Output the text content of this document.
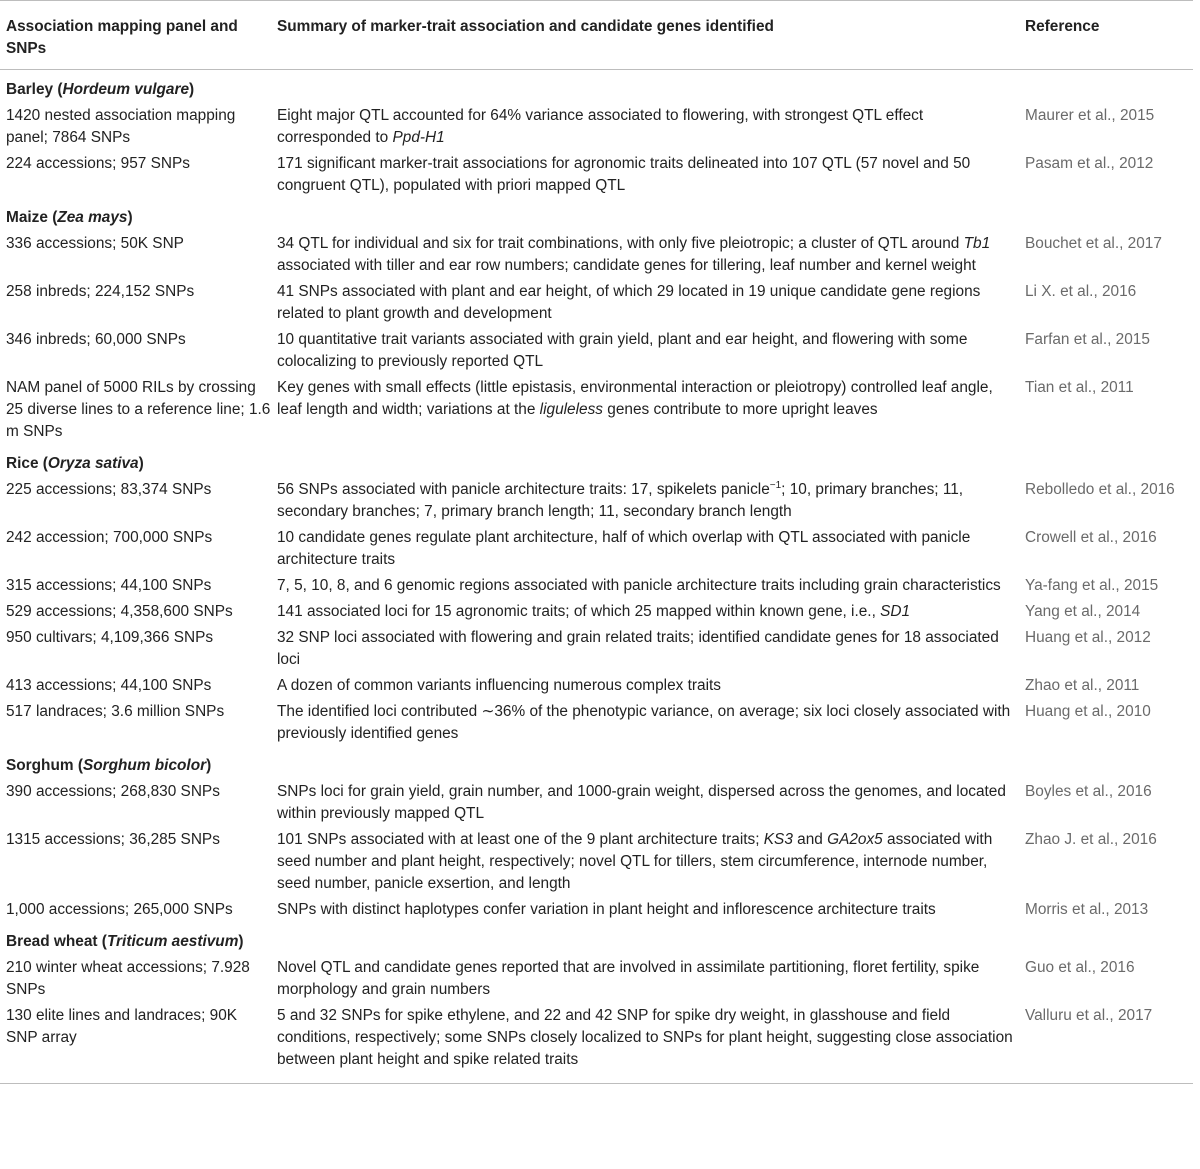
Association mapping panel and SNPs	Summary of marker-trait association and candidate genes identified	Reference
Barley (Hordeum vulgare)		
1420 nested association mapping panel; 7864 SNPs	Eight major QTL accounted for 64% variance associated to flowering, with strongest QTL effect corresponded to Ppd-H1	Maurer et al., 2015
224 accessions; 957 SNPs	171 significant marker-trait associations for agronomic traits delineated into 107 QTL (57 novel and 50 congruent QTL), populated with priori mapped QTL	Pasam et al., 2012
Maize (Zea mays)		
336 accessions; 50K SNP	34 QTL for individual and six for trait combinations, with only five pleiotropic; a cluster of QTL around Tb1 associated with tiller and ear row numbers; candidate genes for tillering, leaf number and kernel weight	Bouchet et al., 2017
258 inbreds; 224,152 SNPs	41 SNPs associated with plant and ear height, of which 29 located in 19 unique candidate gene regions related to plant growth and development	Li X. et al., 2016
346 inbreds; 60,000 SNPs	10 quantitative trait variants associated with grain yield, plant and ear height, and flowering with some colocalizing to previously reported QTL	Farfan et al., 2015
NAM panel of 5000 RILs by crossing 25 diverse lines to a reference line; 1.6 m SNPs	Key genes with small effects (little epistasis, environmental interaction or pleiotropy) controlled leaf angle, leaf length and width; variations at the liguleless genes contribute to more upright leaves	Tian et al., 2011
Rice (Oryza sativa)		
225 accessions; 83,374 SNPs	56 SNPs associated with panicle architecture traits: 17, spikelets panicle$^{-1}$; 10, primary branches; 11, secondary branches; 7, primary branch length; 11, secondary branch length	Rebolledo et al., 2016
242 accession; 700,000 SNPs	10 candidate genes regulate plant architecture, half of which overlap with QTL associated with panicle architecture traits	Crowell et al., 2016
315 accessions; 44,100 SNPs	7, 5, 10, 8, and 6 genomic regions associated with panicle architecture traits including grain characteristics	Ya-fang et al., 2015
529 accessions; 4,358,600 SNPs	141 associated loci for 15 agronomic traits; of which 25 mapped within known gene, i.e., SD1	Yang et al., 2014
950 cultivars; 4,109,366 SNPs	32 SNP loci associated with flowering and grain related traits; identified candidate genes for 18 associated loci	Huang et al., 2012
413 accessions; 44,100 SNPs	A dozen of common variants influencing numerous complex traits	Zhao et al., 2011
517 landraces; 3.6 million SNPs	The identified loci contributed ∼36% of the phenotypic variance, on average; six loci closely associated with previously identified genes	Huang et al., 2010
Sorghum (Sorghum bicolor)		
390 accessions; 268,830 SNPs	SNPs loci for grain yield, grain number, and 1000-grain weight, dispersed across the genomes, and located within previously mapped QTL	Boyles et al., 2016
1315 accessions; 36,285 SNPs	101 SNPs associated with at least one of the 9 plant architecture traits; KS3 and GA2ox5 associated with seed number and plant height, respectively; novel QTL for tillers, stem circumference, internode number, seed number, panicle exsertion, and length	Zhao J. et al., 2016
1,000 accessions; 265,000 SNPs	SNPs with distinct haplotypes confer variation in plant height and inflorescence architecture traits	Morris et al., 2013
Bread wheat (Triticum aestivum)		
210 winter wheat accessions; 7.928 SNPs	Novel QTL and candidate genes reported that are involved in assimilate partitioning, floret fertility, spike morphology and grain numbers	Guo et al., 2016
130 elite lines and landraces; 90K SNP array	5 and 32 SNPs for spike ethylene, and 22 and 42 SNP for spike dry weight, in glasshouse and field conditions, respectively; some SNPs closely localized to SNPs for plant height, suggesting close association between plant height and spike related traits	Valluru et al., 2017
